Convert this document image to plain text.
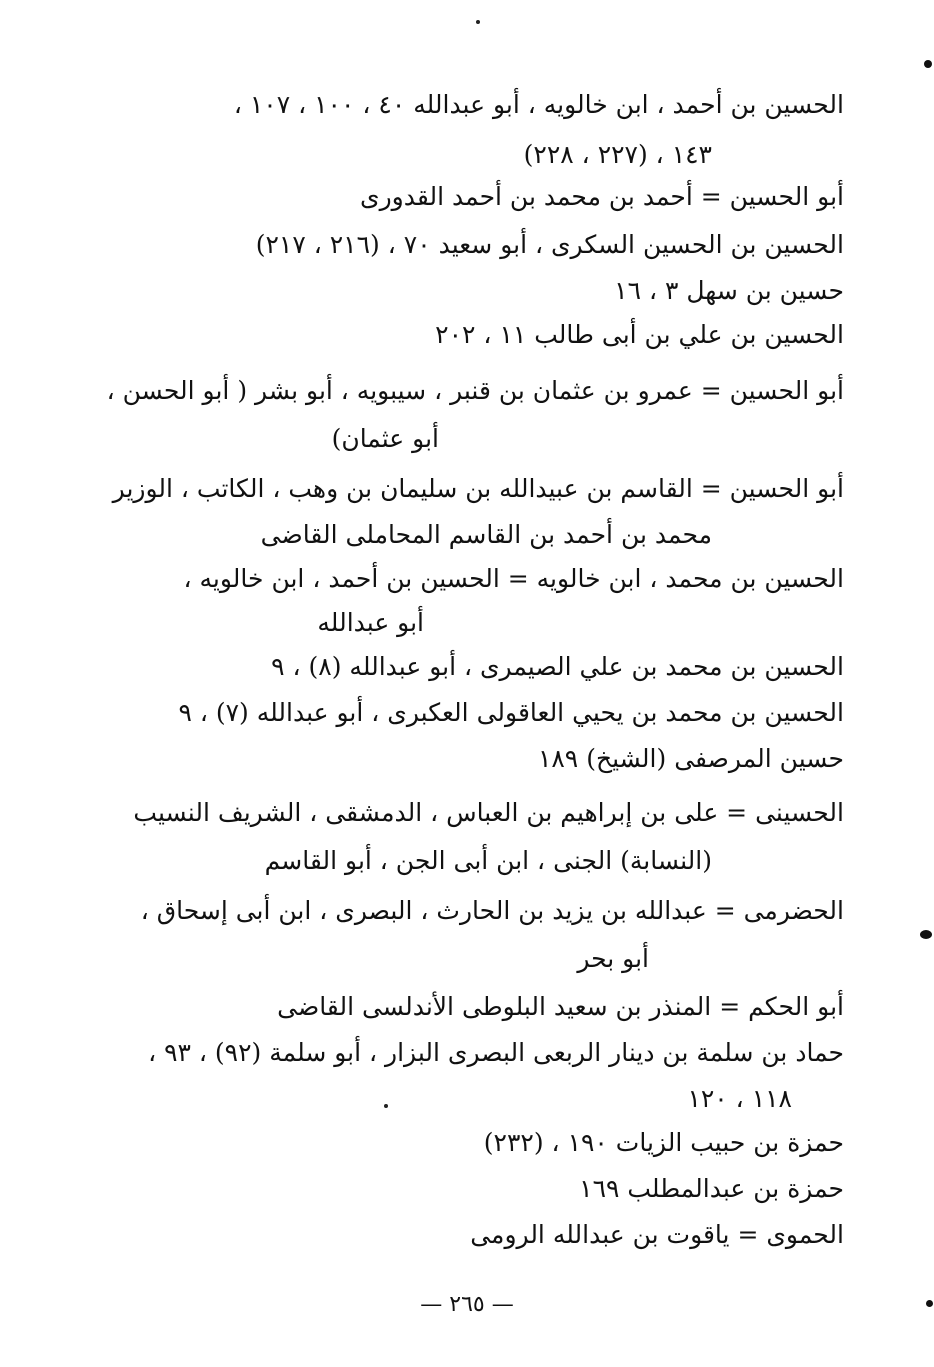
الحسين بن أحمد ، ابن خالويه ، أبو عبدالله ٤٠ ، ١٠٠ ، ١٠٧ ،
١٤٣ ، (٢٢٧ ، ٢٢٨)
أبو الحسين = أحمد بن محمد بن أحمد القدورى
الحسين بن الحسين السكرى ، أبو سعيد ٧٠ ، (٢١٦ ، ٢١٧)
حسين بن سهل ٣ ، ١٦
الحسين بن علي بن أبى طالب ١١ ، ٢٠٢
أبو الحسين = عمرو بن عثمان بن قنبر ، سيبويه ، أبو بشر ( أبو الحسن ،
أبو عثمان)
أبو الحسين = القاسم بن عبيدالله بن سليمان بن وهب ، الكاتب ، الوزير
محمد بن أحمد بن القاسم المحاملى القاضى
الحسين بن محمد ، ابن خالويه = الحسين بن أحمد ، ابن خالويه ،
أبو عبدالله
الحسين بن محمد بن علي الصيمرى ، أبو عبدالله (٨) ، ٩
الحسين بن محمد بن يحيي العاقولى العكبرى ، أبو عبدالله (٧) ، ٩
حسين المرصفى (الشيخ) ١٨٩
الحسينى = على بن إبراهيم بن العباس ، الدمشقى ، الشريف النسيب
(النسابة) الجنى ، ابن أبى الجن ، أبو القاسم
الحضرمى = عبدالله بن يزيد بن الحارث ، البصرى ، ابن أبى إسحاق ،
أبو بحر
أبو الحكم = المنذر بن سعيد البلوطى الأندلسى القاضى
حماد بن سلمة بن دينار الربعى البصرى البزار ، أبو سلمة (٩٢) ، ٩٣ ،
١١٨ ، ١٢٠
حمزة بن حبيب الزيات ١٩٠ ، (٢٣٢)
حمزة بن عبدالمطلب ١٦٩
الحموى = ياقوت بن عبدالله الرومى
— ٢٦٥ —
